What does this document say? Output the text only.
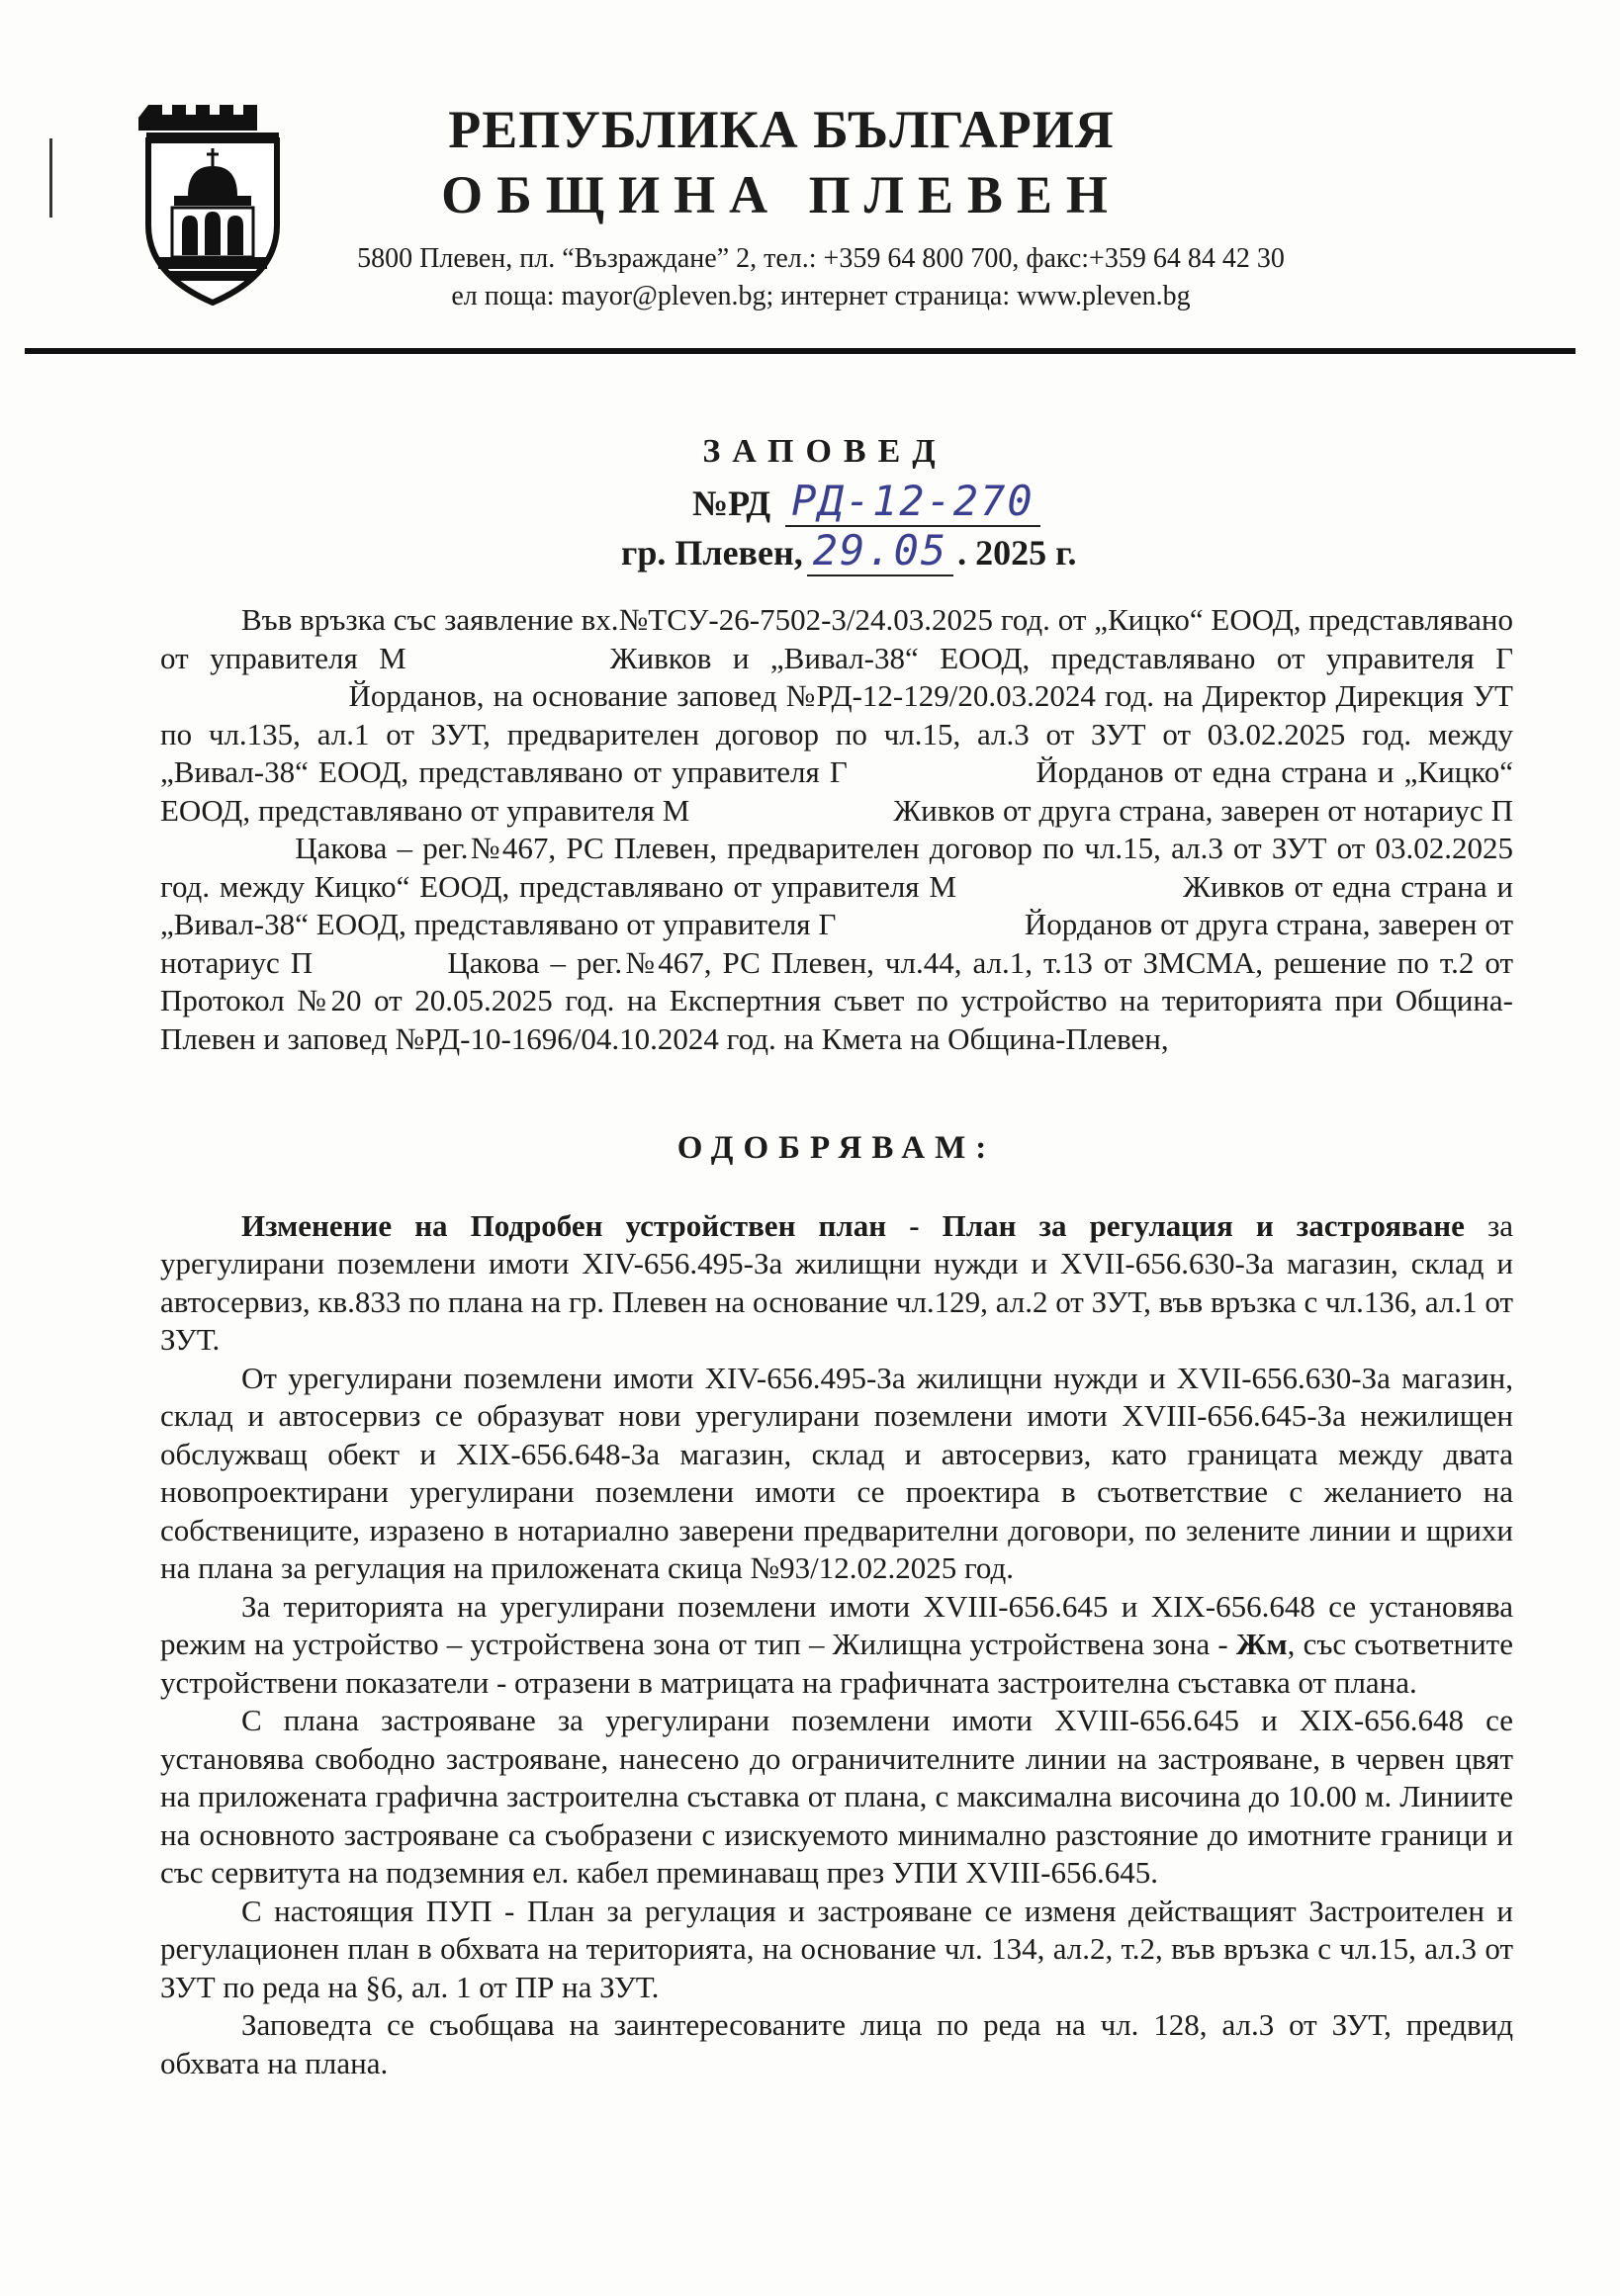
РЕПУБЛИКА БЪЛГАРИЯ
ОБЩИНА ПЛЕВЕН
5800 Плевен, пл. “Възраждане” 2, тел.: +359 64 800 700, факс:+359 64 84 42 30
ел поща: mayor@pleven.bg; интернет страница: www.pleven.bg
ЗАПОВЕД
№РД РД-12-270
гр. Плевен, 29.05 . 2025 г.

Във връзка със заявление вх.№ТСУ-26-7502-3/24.03.2025 год. от „Кицко“ ЕООД, представлявано от управителя М	Живков и „Вивал-38“ ЕООД, представлявано от управителя Г              Йорданов, на основание заповед №РД-12-129/20.03.2024 год. на Директор Дирекция УТ по чл.135, ал.1 от ЗУТ, предварителен договор по чл.15, ал.3 от ЗУТ от 03.02.2025 год. между „Вивал-38“ ЕООД, представлявано от управителя Г	Йорданов от една страна и „Кицко“ ЕООД, представлявано от управителя М	Живков от друга страна, заверен от нотариус П       Цакова – рег.№467, РС Плевен, предварителен договор по чл.15, ал.3 от ЗУТ от 03.02.2025 год. между Кицко“ ЕООД, представлявано от управителя М	Живков от една страна и „Вивал-38“ ЕООД, представлявано от управителя Г	Йорданов от друга страна, заверен от нотариус П	Цакова – рег.№467, РС Плевен, чл.44, ал.1, т.13 от ЗМСМА, решение по т.2 от Протокол №20 от 20.05.2025 год. на Експертния съвет по устройство на територията при Община-Плевен и заповед №РД-10-1696/04.10.2024 год. на Кмета на Община-Плевен,

ОДОБРЯВАМ:

Изменение на Подробен устройствен план - План за регулация и застрояване за урегулирани поземлени имоти XIV-656.495-За жилищни нужди и XVII-656.630-За магазин, склад и автосервиз, кв.833 по плана на гр. Плевен на основание чл.129, ал.2 от ЗУТ, във връзка с чл.136, ал.1 от ЗУТ.

От урегулирани поземлени имоти XIV-656.495-За жилищни нужди и XVII-656.630-За магазин, склад и автосервиз се образуват нови урегулирани поземлени имоти XVIII-656.645-За нежилищен обслужващ обект и XIX-656.648-За магазин, склад и автосервиз, като границата между двата новопроектирани урегулирани поземлени имоти се проектира в съответствие с желанието на собствениците, изразено в нотариално заверени предварителни договори, по зелените линии и щрихи на плана за регулация на приложената скица №93/12.02.2025 год.

За територията на урегулирани поземлени имоти XVIII-656.645 и XIX-656.648 се установява режим на устройство – устройствена зона от тип – Жилищна устройствена зона - Жм, със съответните устройствени показатели - отразени в матрицата на графичната застроителна съставка от плана.

С плана застрояване за урегулирани поземлени имоти XVIII-656.645 и XIX-656.648 се установява свободно застрояване, нанесено до ограничителните линии на застрояване, в червен цвят на приложената графична застроителна съставка от плана, с максимална височина до 10.00 м. Линиите на основното застрояване са съобразени с изискуемото минимално разстояние до имотните граници и със сервитута на подземния ел. кабел преминаващ през УПИ XVIII-656.645.

С настоящия ПУП - План за регулация и застрояване се изменя действащият Застроителен и регулационен план в обхвата на територията, на основание чл. 134, ал.2, т.2, във връзка с чл.15, ал.3 от ЗУТ по реда на §6, ал. 1 от ПР на ЗУТ.

Заповедта се съобщава на заинтересованите лица по реда на чл. 128, ал.3 от ЗУТ, предвид обхвата на плана.
